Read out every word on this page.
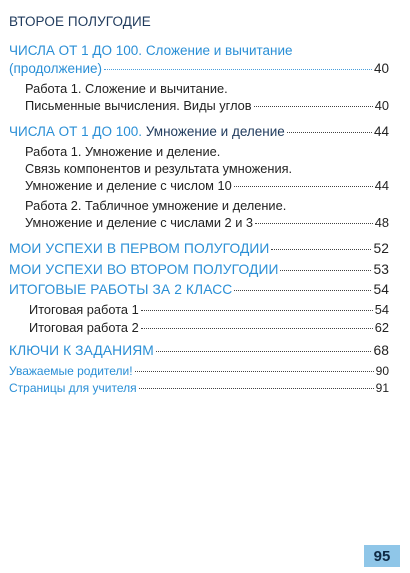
ВТОРОЕ ПОЛУГОДИЕ
ЧИСЛА ОТ 1 ДО 100. Сложение и вычитание
(продолжение)	40
Работа 1. Сложение и вычитание.
Письменные вычисления. Виды углов	40
ЧИСЛА ОТ 1 ДО 100. Умножение и деление	44
Работа 1. Умножение и деление.
Связь компонентов и результата умножения.
Умножение и деление с числом 10	44
Работа 2. Табличное умножение и деление.
Умножение и деление с числами 2 и 3	48
МОИ УСПЕХИ В ПЕРВОМ ПОЛУГОДИИ	52
МОИ УСПЕХИ ВО ВТОРОМ ПОЛУГОДИИ	53
ИТОГОВЫЕ РАБОТЫ ЗА 2 КЛАСС	54
Итоговая работа 1	54
Итоговая работа 2	62
КЛЮЧИ К ЗАДАНИЯМ	68
Уважаемые родители!	90
Страницы для учителя	91
95
